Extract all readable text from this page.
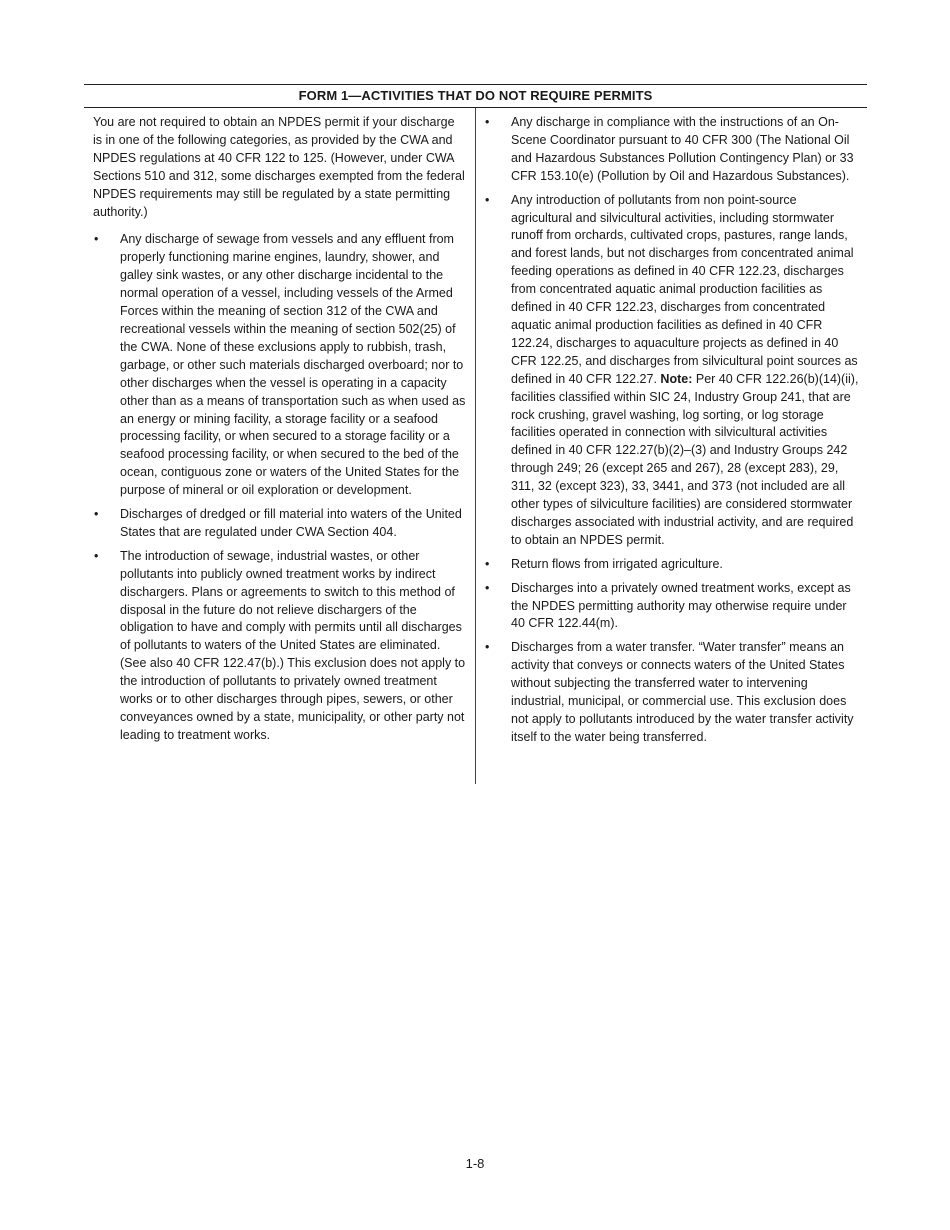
FORM 1—ACTIVITIES THAT DO NOT REQUIRE PERMITS

You are not required to obtain an NPDES permit if your discharge is in one of the following categories, as provided by the CWA and NPDES regulations at 40 CFR 122 to 125. (However, under CWA Sections 510 and 312, some discharges exempted from the federal NPDES requirements may still be regulated by a state permitting authority.)

•	Any discharge of sewage from vessels and any effluent from properly functioning marine engines, laundry, shower, and galley sink wastes, or any other discharge incidental to the normal operation of a vessel, including vessels of the Armed Forces within the meaning of section 312 of the CWA and recreational vessels within the meaning of section 502(25) of the CWA. None of these exclusions apply to rubbish, trash, garbage, or other such materials discharged overboard; nor to other discharges when the vessel is operating in a capacity other than as a means of transportation such as when used as an energy or mining facility, a storage facility or a seafood processing facility, or when secured to a storage facility or a seafood processing facility, or when secured to the bed of the ocean, contiguous zone or waters of the United States for the purpose of mineral or oil exploration or development.
•	Discharges of dredged or fill material into waters of the United States that are regulated under CWA Section 404.
•	The introduction of sewage, industrial wastes, or other pollutants into publicly owned treatment works by indirect dischargers. Plans or agreements to switch to this method of disposal in the future do not relieve dischargers of the obligation to have and comply with permits until all discharges of pollutants to waters of the United States are eliminated. (See also 40 CFR 122.47(b).) This exclusion does not apply to the introduction of pollutants to privately owned treatment works or to other discharges through pipes, sewers, or other conveyances owned by a state, municipality, or other party not leading to treatment works.
•	Any discharge in compliance with the instructions of an On-Scene Coordinator pursuant to 40 CFR 300 (The National Oil and Hazardous Substances Pollution Contingency Plan) or 33 CFR 153.10(e) (Pollution by Oil and Hazardous Substances).
•	Any introduction of pollutants from non point-source agricultural and silvicultural activities, including stormwater runoff from orchards, cultivated crops, pastures, range lands, and forest lands, but not discharges from concentrated animal feeding operations as defined in 40 CFR 122.23, discharges from concentrated aquatic animal production facilities as defined in 40 CFR 122.23, discharges from concentrated aquatic animal production facilities as defined in 40 CFR 122.24, discharges to aquaculture projects as defined in 40 CFR 122.25, and discharges from silvicultural point sources as defined in 40 CFR 122.27. Note: Per 40 CFR 122.26(b)(14)(ii), facilities classified within SIC 24, Industry Group 241, that are rock crushing, gravel washing, log sorting, or log storage facilities operated in connection with silvicultural activities defined in 40 CFR 122.27(b)(2)–(3) and Industry Groups 242 through 249; 26 (except 265 and 267), 28 (except 283), 29, 311, 32 (except 323), 33, 3441, and 373 (not included are all other types of silviculture facilities) are considered stormwater discharges associated with industrial activity, and are required to obtain an NPDES permit.
•	Return flows from irrigated agriculture.
•	Discharges into a privately owned treatment works, except as the NPDES permitting authority may otherwise require under 40 CFR 122.44(m).
•	Discharges from a water transfer. “Water transfer” means an activity that conveys or connects waters of the United States without subjecting the transferred water to intervening industrial, municipal, or commercial use. This exclusion does not apply to pollutants introduced by the water transfer activity itself to the water being transferred.
1-8
